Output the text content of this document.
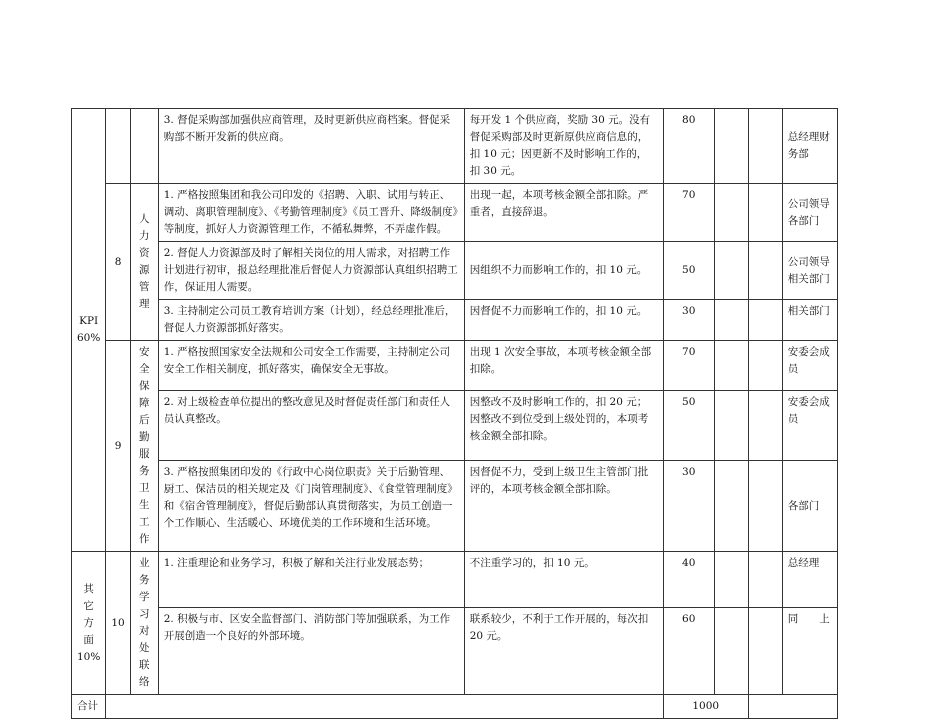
KPI
60%			3. 督促采购部加强供应商管理，及时更新供应商档案。督促采购部不断开发新的供应商。	每开发 1 个供应商，奖励 30 元。没有督促采购部及时更新原供应商信息的，扣 10 元；因更新不及时影响工作的，扣 30 元。	80			总经理财务部
	8	人力资源管理	1. 严格按照集团和我公司印发的《招聘、入职、试用与转正、调动、离职管理制度》、《考勤管理制度》《员工晋升、降级制度》等制度，抓好人力资源管理工作，不循私舞弊，不弄虚作假。	出现一起，本项考核金额全部扣除。严重者，直接辞退。	70			公司领导各部门
			2. 督促人力资源部及时了解相关岗位的用人需求，对招聘工作计划进行初审，报总经理批准后督促人力资源部认真组织招聘工作，保证用人需要。	因组织不力而影响工作的，扣 10 元。	50			公司领导相关部门
			3. 主持制定公司员工教育培训方案（计划），经总经理批准后，督促人力资源部抓好落实。	因督促不力而影响工作的，扣 10 元。	30			相关部门
	9	安全保障后勤服务卫生工作	1. 严格按照国家安全法规和公司安全工作需要，主持制定公司安全工作相关制度，抓好落实，确保安全无事故。	出现 1 次安全事故，本项考核金额全部扣除。	70			安委会成员
			2. 对上级检查单位提出的整改意见及时督促责任部门和责任人员认真整改。	因整改不及时影响工作的，扣 20 元；因整改不到位受到上级处罚的，本项考核金额全部扣除。	50			安委会成员
			3. 严格按照集团印发的《行政中心岗位职责》关于后勤管理、厨工、保洁员的相关规定及《门岗管理制度》、《食堂管理制度》和《宿舍管理制度》，督促后勤部认真贯彻落实，为员工创造一个工作顺心、生活暖心、环境优美的工作环境和生活环境。	因督促不力，受到上级卫生主管部门批评的，本项考核金额全部扣除。	30			各部门

其 它 方 面
10%	10	业务学习对处联络	1. 注重理论和业务学习，积极了解和关注行业发展态势；	不注重学习的，扣 10 元。	40			总经理
			2. 积极与市、区安全监督部门、消防部门等加强联系，为工作开展创造一个良好的外部环境。	联系较少，不利于工作开展的，每次扣 20 元。	60			同　　上
合计					1000			
